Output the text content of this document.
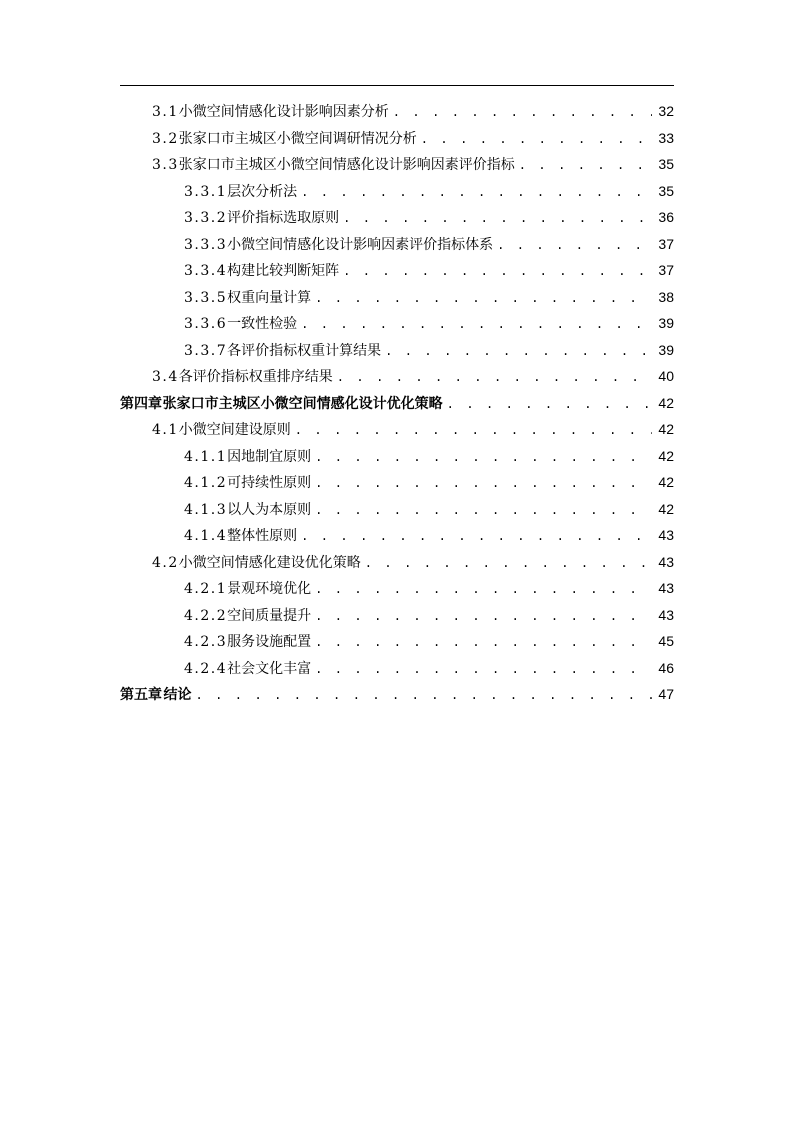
3.1 小微空间情感化设计影响因素分析 . . .	32
3.2 张家口市主城区小微空间调研情况分析 . . .	33
3.3 张家口市主城区小微空间情感化设计影响因素评价指标 . . .	35
3.3.1 层次分析法 . . .	35
3.3.2 评价指标选取原则 . . .	36
3.3.3 小微空间情感化设计影响因素评价指标体系 . . .	37
3.3.4 构建比较判断矩阵 . . .	37
3.3.5 权重向量计算 . . .	38
3.3.6 一致性检验 . . .	39
3.3.7 各评价指标权重计算结果 . . .	39
3.4 各评价指标权重排序结果 . . .	40
第四章 张家口市主城区小微空间情感化设计优化策略 . . .	42
4.1 小微空间建设原则 . . .	42
4.1.1 因地制宜原则 . . .	42
4.1.2 可持续性原则 . . .	42
4.1.3 以人为本原则 . . .	42
4.1.4 整体性原则 . . .	43
4.2 小微空间情感化建设优化策略 . . .	43
4.2.1 景观环境优化 . . .	43
4.2.2 空间质量提升 . . .	43
4.2.3 服务设施配置 . . .	45
4.2.4 社会文化丰富 . . .	46
第五章 结论 . . .	47
